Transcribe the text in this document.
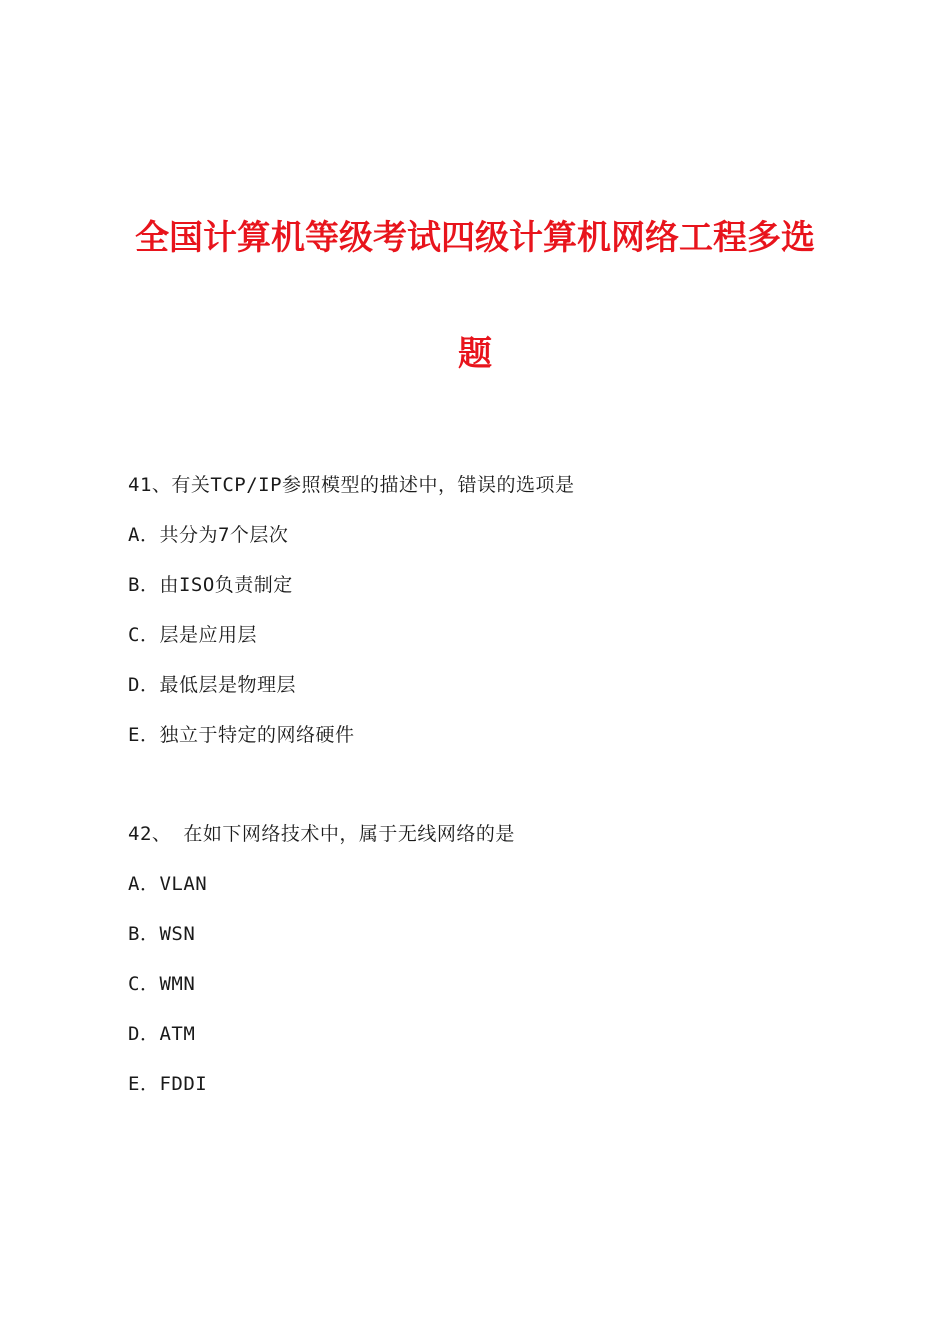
全国计算机等级考试四级计算机网络工程多选
题
41、有关TCP/IP参照模型的描述中，错误的选项是
A．共分为7个层次
B．由ISO负责制定
C．层是应用层
D．最低层是物理层
E．独立于特定的网络硬件
42、 在如下网络技术中，属于无线网络的是
A．VLAN
B．WSN
C．WMN
D．ATM
E．FDDI
